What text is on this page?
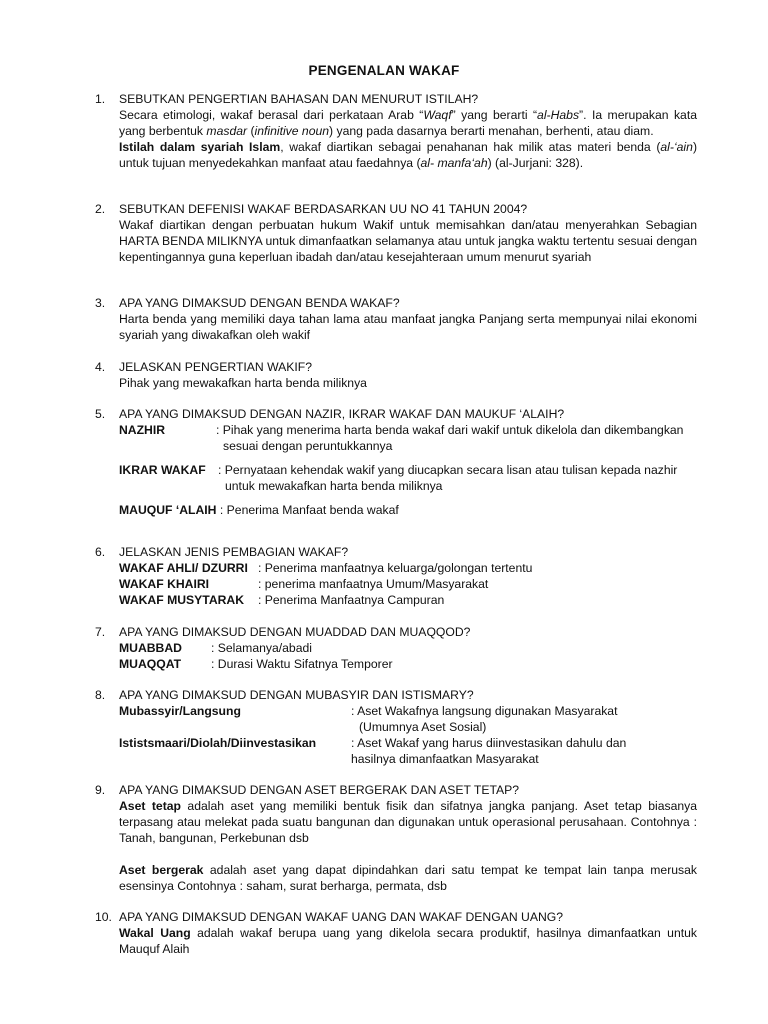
PENGENALAN WAKAF
1.	SEBUTKAN PENGERTIAN BAHASAN DAN MENURUT ISTILAH?
Secara etimologi, wakaf berasal dari perkataan Arab “Waqf” yang berarti “al-Habs”. Ia merupakan kata yang berbentuk masdar (infinitive noun) yang pada dasarnya berarti menahan, berhenti, atau diam.
Istilah dalam syariah Islam, wakaf diartikan sebagai penahanan hak milik atas materi benda (al-‘ain) untuk tujuan menyedekahkan manfaat atau faedahnya (al- manfa‘ah) (al-Jurjani: 328).
2.	SEBUTKAN DEFENISI WAKAF BERDASARKAN UU NO 41 TAHUN 2004?
Wakaf diartikan dengan perbuatan hukum Wakif untuk memisahkan dan/atau menyerahkan Sebagian HARTA BENDA MILIKNYA untuk dimanfaatkan selamanya atau untuk jangka waktu tertentu sesuai dengan kepentingannya guna keperluan ibadah dan/atau kesejahteraan umum menurut syariah
3.	APA YANG DIMAKSUD DENGAN BENDA WAKAF?
Harta benda yang memiliki daya tahan lama atau manfaat jangka Panjang serta mempunyai nilai ekonomi syariah yang diwakafkan oleh wakif
4.	JELASKAN PENGERTIAN WAKIF?
Pihak yang mewakafkan harta benda miliknya
5.	APA YANG DIMAKSUD DENGAN NAZIR, IKRAR WAKAF DAN MAUKUF ‘ALAIH?
NAZHIR	: Pihak yang menerima harta benda wakaf dari wakif untuk dikelola dan dikembangkan sesuai dengan peruntukkannya
IKRAR WAKAF	: Pernyataan kehendak wakif yang diucapkan secara lisan atau tulisan kepada nazhir untuk mewakafkan harta benda miliknya
MAUQUF ‘ALAIH : Penerima Manfaat benda wakaf
6.	JELASKAN JENIS PEMBAGIAN WAKAF?
WAKAF AHLI/ DZURRI : Penerima manfaatnya keluarga/golongan tertentu
WAKAF KHAIRI	: penerima manfaatnya Umum/Masyarakat
WAKAF MUSYTARAK	: Penerima Manfaatnya Campuran
7.	APA YANG DIMAKSUD DENGAN MUADDAD DAN MUAQQOD?
MUABBAD	: Selamanya/abadi
MUAQQAT	: Durasi Waktu Sifatnya Temporer
8.	APA YANG DIMAKSUD DENGAN MUBASYIR DAN ISTISMARY?
Mubassyir/Langsung	: Aset Wakafnya langsung digunakan Masyarakat (Umumnya Aset Sosial)
Ististsmaari/Diolah/Diinvestasikan	: Aset Wakaf yang harus diinvestasikan dahulu dan hasilnya dimanfaatkan Masyarakat
9.	APA YANG DIMAKSUD DENGAN ASET BERGERAK DAN ASET TETAP?
Aset tetap adalah aset yang memiliki bentuk fisik dan sifatnya jangka panjang. Aset tetap biasanya terpasang atau melekat pada suatu bangunan dan digunakan untuk operasional perusahaan. Contohnya : Tanah, bangunan, Perkebunan dsb
Aset bergerak adalah aset yang dapat dipindahkan dari satu tempat ke tempat lain tanpa merusak esensinya Contohnya : saham, surat berharga, permata, dsb
10. APA YANG DIMAKSUD DENGAN WAKAF UANG DAN WAKAF DENGAN UANG?
Wakal Uang adalah wakaf berupa uang yang dikelola secara produktif, hasilnya dimanfaatkan untuk Mauquf Alaih
